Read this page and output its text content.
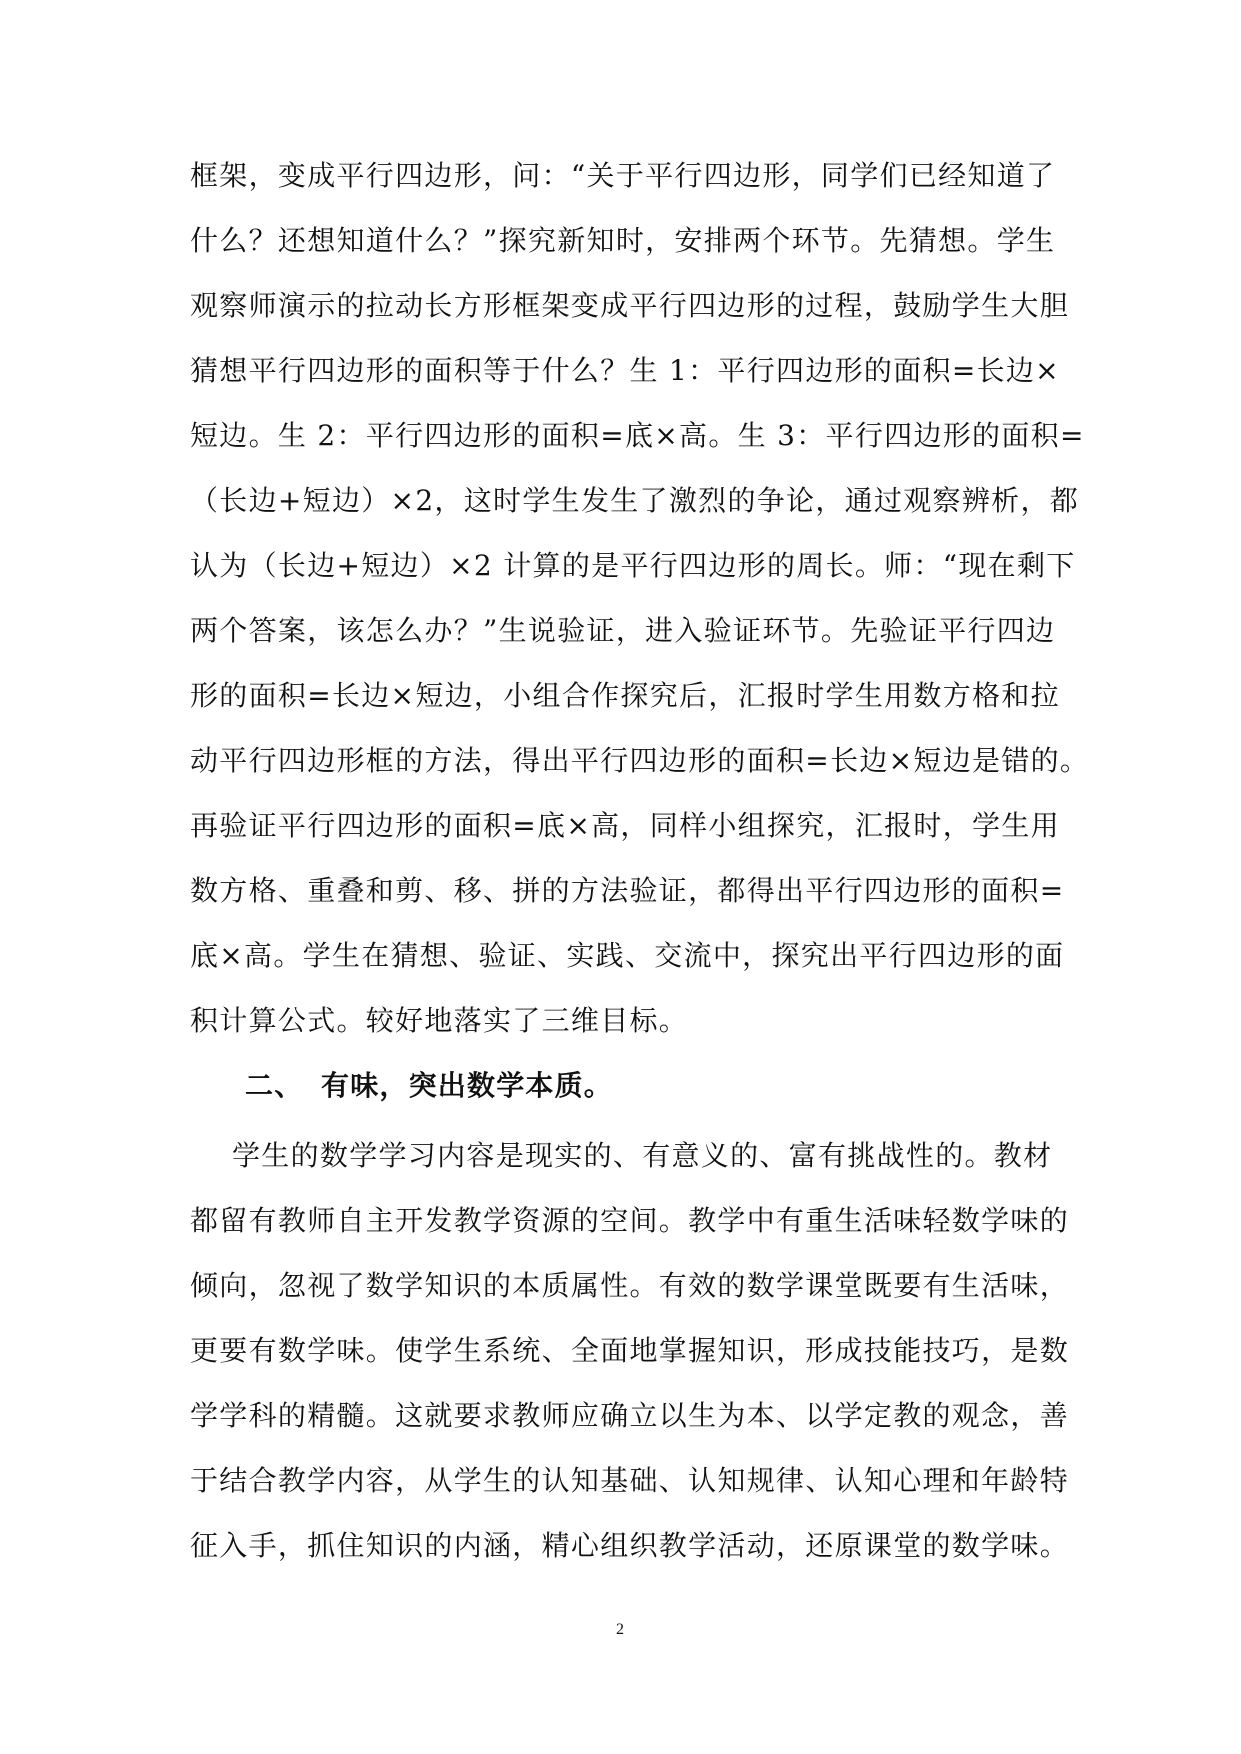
框架，变成平行四边形，问：“关于平行四边形，同学们已经知道了
什么？还想知道什么？”探究新知时，安排两个环节。先猜想。学生
观察师演示的拉动长方形框架变成平行四边形的过程，鼓励学生大胆
猜想平行四边形的面积等于什么？生 1：平行四边形的面积=长边×
短边。生 2：平行四边形的面积=底×高。生 3：平行四边形的面积=
（长边+短边）×2，这时学生发生了激烈的争论，通过观察辨析，都
认为（长边+短边）×2 计算的是平行四边形的周长。师：“现在剩下
两个答案，该怎么办？”生说验证，进入验证环节。先验证平行四边
形的面积=长边×短边，小组合作探究后，汇报时学生用数方格和拉
动平行四边形框的方法，得出平行四边形的面积=长边×短边是错的。
再验证平行四边形的面积=底×高，同样小组探究，汇报时，学生用
数方格、重叠和剪、移、拼的方法验证，都得出平行四边形的面积=
底×高。学生在猜想、验证、实践、交流中，探究出平行四边形的面
积计算公式。较好地落实了三维目标。
二、 有味，突出数学本质。
学生的数学学习内容是现实的、有意义的、富有挑战性的。教材
都留有教师自主开发教学资源的空间。教学中有重生活味轻数学味的
倾向，忽视了数学知识的本质属性。有效的数学课堂既要有生活味，
更要有数学味。使学生系统、全面地掌握知识，形成技能技巧，是数
学学科的精髓。这就要求教师应确立以生为本、以学定教的观念，善
于结合教学内容，从学生的认知基础、认知规律、认知心理和年龄特
征入手，抓住知识的内涵，精心组织教学活动，还原课堂的数学味。
2
